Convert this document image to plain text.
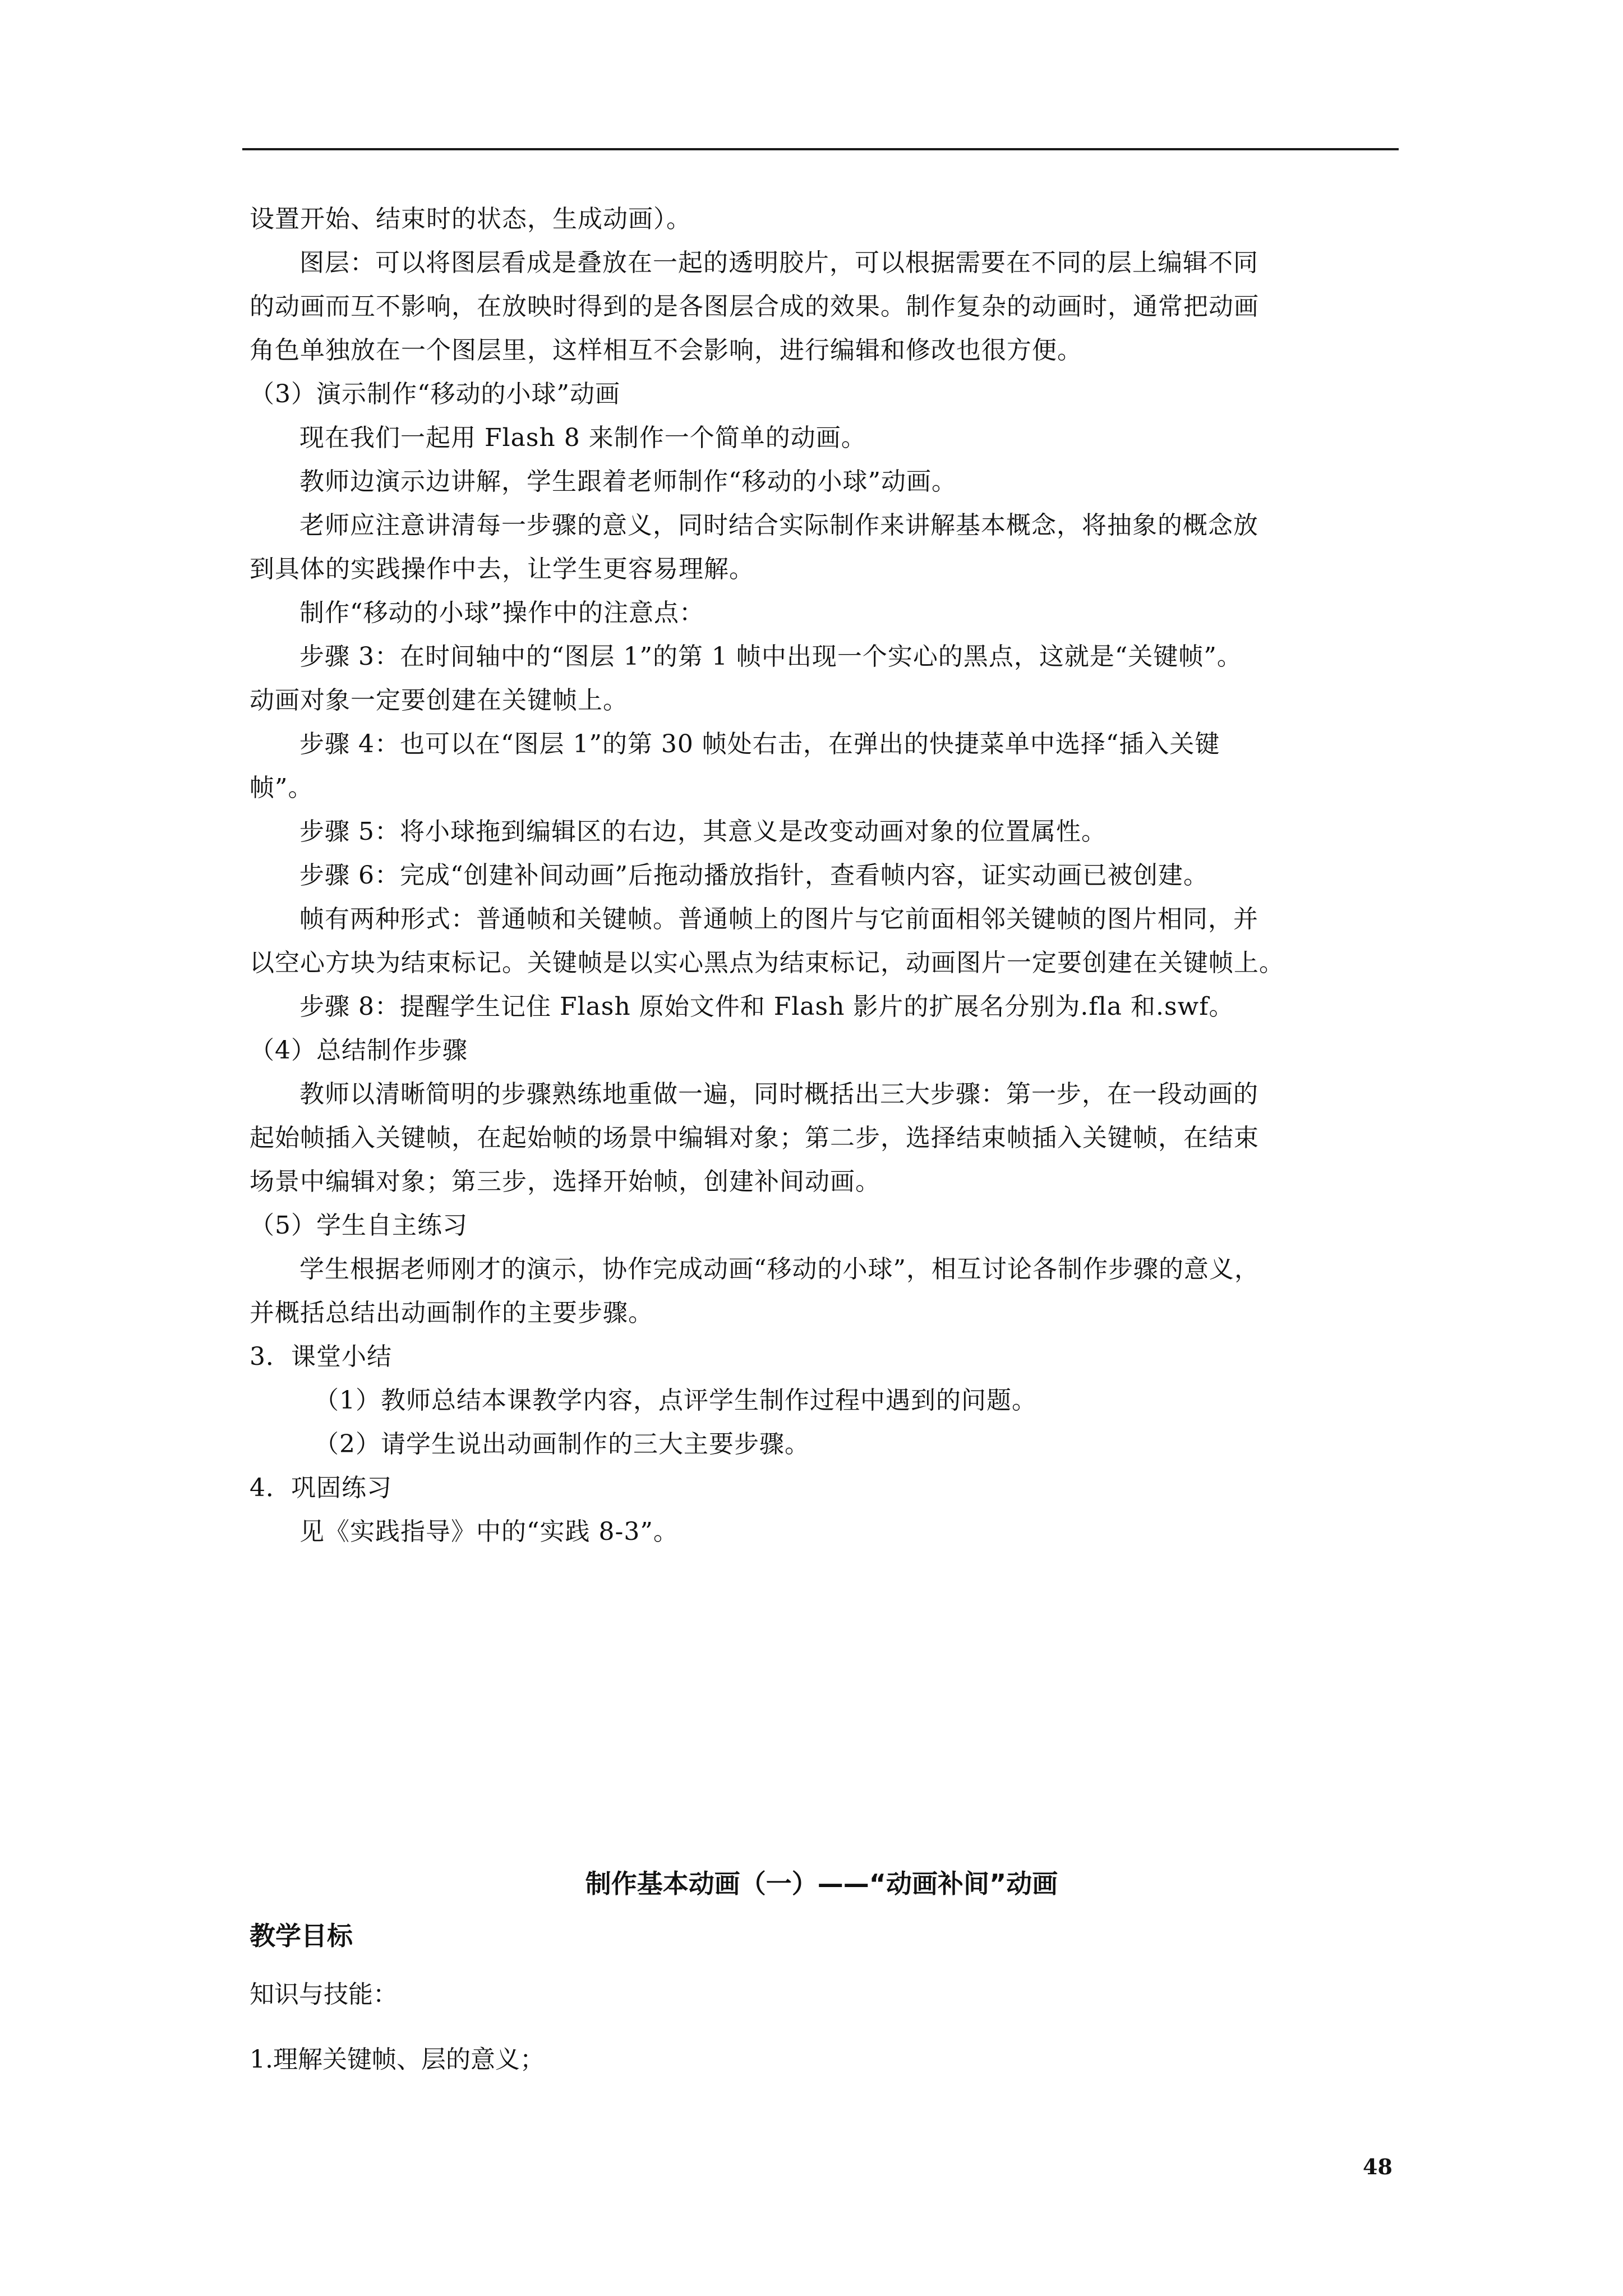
设置开始、结束时的状态，生成动画）。

图层：可以将图层看成是叠放在一起的透明胶片，可以根据需要在不同的层上编辑不同

的动画而互不影响，在放映时得到的是各图层合成的效果。制作复杂的动画时，通常把动画

角色单独放在一个图层里，这样相互不会影响，进行编辑和修改也很方便。

（3）演示制作“移动的小球”动画

现在我们一起用 Flash 8 来制作一个简单的动画。

教师边演示边讲解，学生跟着老师制作“移动的小球”动画。

老师应注意讲清每一步骤的意义，同时结合实际制作来讲解基本概念，将抽象的概念放

到具体的实践操作中去，让学生更容易理解。

制作“移动的小球”操作中的注意点：

步骤 3：在时间轴中的“图层 1”的第 1 帧中出现一个实心的黑点，这就是“关键帧”。

动画对象一定要创建在关键帧上。

步骤 4：也可以在“图层 1”的第 30 帧处右击，在弹出的快捷菜单中选择“插入关键

帧”。

步骤 5：将小球拖到编辑区的右边，其意义是改变动画对象的位置属性。

步骤 6：完成“创建补间动画”后拖动播放指针，查看帧内容，证实动画已被创建。

帧有两种形式：普通帧和关键帧。普通帧上的图片与它前面相邻关键帧的图片相同，并

以空心方块为结束标记。关键帧是以实心黑点为结束标记，动画图片一定要创建在关键帧上。

步骤 8：提醒学生记住 Flash 原始文件和 Flash 影片的扩展名分别为.fla 和.swf。

（4）总结制作步骤

教师以清晰简明的步骤熟练地重做一遍，同时概括出三大步骤：第一步，在一段动画的

起始帧插入关键帧，在起始帧的场景中编辑对象；第二步，选择结束帧插入关键帧，在结束

场景中编辑对象；第三步，选择开始帧，创建补间动画。

（5）学生自主练习

学生根据老师刚才的演示，协作完成动画“移动的小球”，相互讨论各制作步骤的意义，

并概括总结出动画制作的主要步骤。

3．课堂小结

（1）教师总结本课教学内容，点评学生制作过程中遇到的问题。

（2）请学生说出动画制作的三大主要步骤。

4．巩固练习

见《实践指导》中的“实践 8-3”。

制作基本动画（一）——“动画补间”动画

教学目标

知识与技能：

1.理解关键帧、层的意义；

48
